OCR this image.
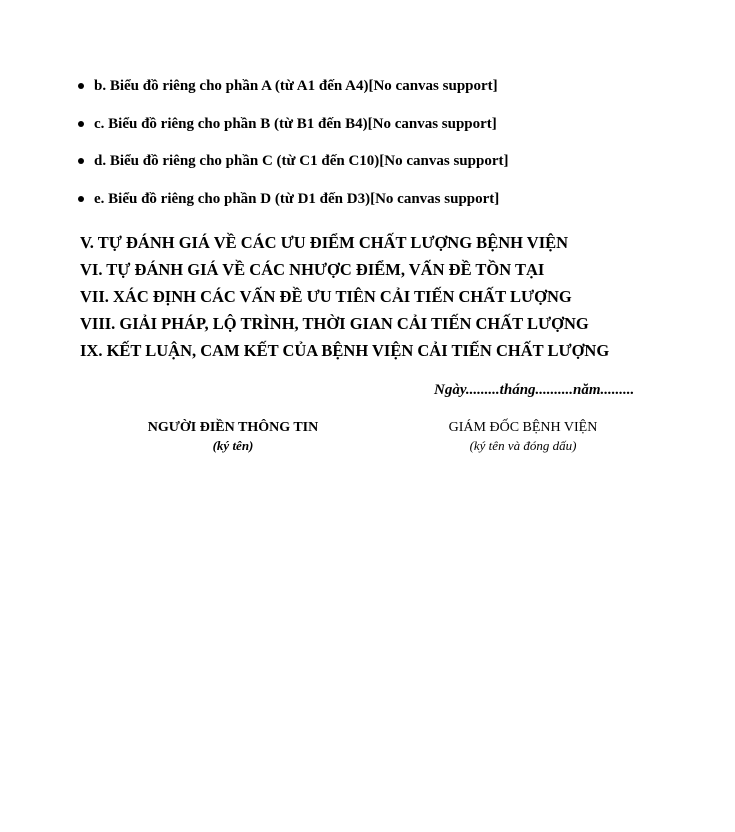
b. Biểu đồ riêng cho phần A (từ A1 đến A4)[No canvas support]
c. Biểu đồ riêng cho phần B (từ B1 đến B4)[No canvas support]
d. Biểu đồ riêng cho phần C (từ C1 đến C10)[No canvas support]
e. Biểu đồ riêng cho phần D (từ D1 đến D3)[No canvas support]

V. TỰ ĐÁNH GIÁ VỀ CÁC ƯU ĐIỂM CHẤT LƯỢNG BỆNH VIỆN

VI. TỰ ĐÁNH GIÁ VỀ CÁC NHƯỢC ĐIỂM, VẤN ĐỀ TỒN TẠI

VII. XÁC ĐỊNH CÁC VẤN ĐỀ ƯU TIÊN CẢI TIẾN CHẤT LƯỢNG

VIII. GIẢI PHÁP, LỘ TRÌNH, THỜI GIAN CẢI TIẾN CHẤT LƯỢNG

IX. KẾT LUẬN, CAM KẾT CỦA BỆNH VIỆN CẢI TIẾN CHẤT LƯỢNG

Ngày.........tháng..........năm.........
NGƯỜI ĐIỀN THÔNG TIN
(ký tên)
GIÁM ĐỐC BỆNH VIỆN
(ký tên và đóng dấu)
